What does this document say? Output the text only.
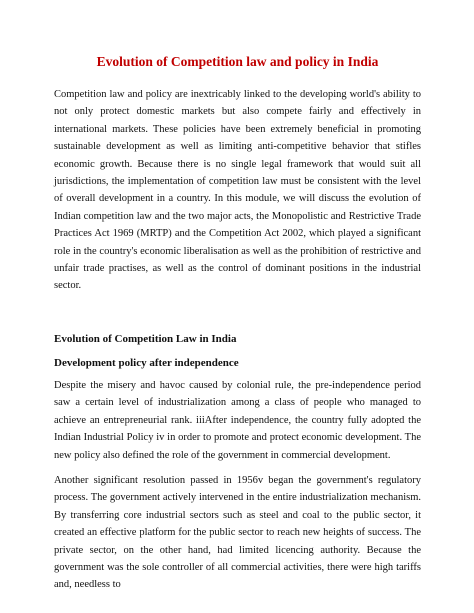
Evolution of Competition law and policy in India

Competition law and policy are inextricably linked to the developing world's ability to not only protect domestic markets but also compete fairly and effectively in international markets. These policies have been extremely beneficial in promoting sustainable development as well as limiting anti-competitive behavior that stifles economic growth. Because there is no single legal framework that would suit all jurisdictions, the implementation of competition law must be consistent with the level of overall development in a country. In this module, we will discuss the evolution of Indian competition law and the two major acts, the Monopolistic and Restrictive Trade Practices Act 1969 (MRTP) and the Competition Act 2002, which played a significant role in the country's economic liberalisation as well as the prohibition of restrictive and unfair trade practises, as well as the control of dominant positions in the industrial sector.

Evolution of Competition Law in India
Development policy after independence

Despite the misery and havoc caused by colonial rule, the pre-independence period saw a certain level of industrialization among a class of people who managed to achieve an entrepreneurial rank. iiiAfter independence, the country fully adopted the Indian Industrial Policy iv in order to promote and protect economic development. The new policy also defined the role of the government in commercial development.

Another significant resolution passed in 1956v began the government's regulatory process. The government actively intervened in the entire industrialization mechanism. By transferring core industrial sectors such as steel and coal to the public sector, it created an effective platform for the public sector to reach new heights of success. The private sector, on the other hand, had limited licencing authority. Because the government was the sole controller of all commercial activities, there were high tariffs and, needless to
